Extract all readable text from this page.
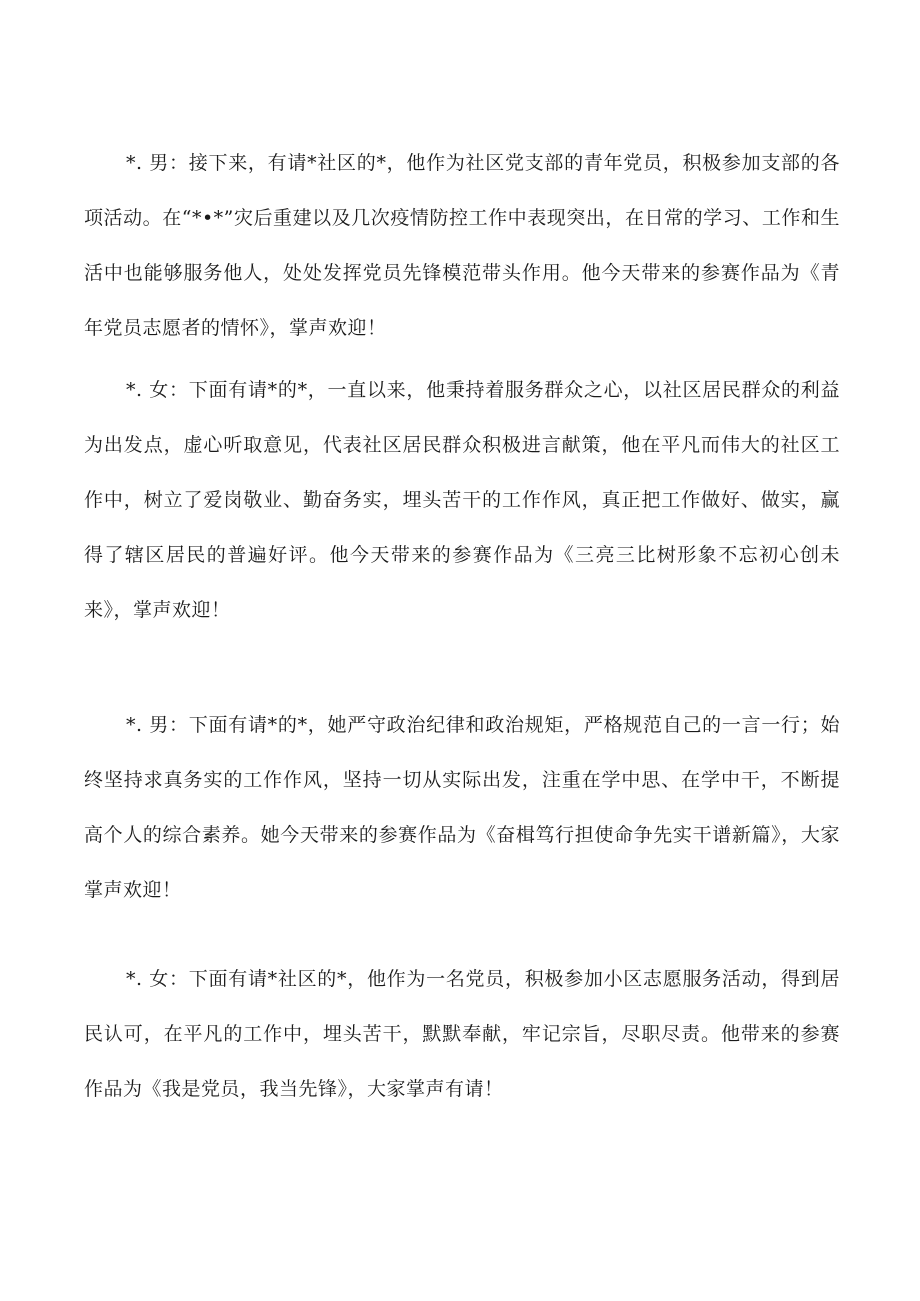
*. 男：接下来，有请*社区的*，他作为社区党支部的青年党员，积极参加支部的各项活动。在“*•*”灾后重建以及几次疫情防控工作中表现突出，在日常的学习、工作和生活中也能够服务他人，处处发挥党员先锋模范带头作用。他今天带来的参赛作品为《青年党员志愿者的情怀》，掌声欢迎！

*. 女：下面有请*的*，一直以来，他秉持着服务群众之心，以社区居民群众的利益为出发点，虚心听取意见，代表社区居民群众积极进言献策，他在平凡而伟大的社区工作中，树立了爱岗敬业、勤奋务实，埋头苦干的工作作风，真正把工作做好、做实，赢得了辖区居民的普遍好评。他今天带来的参赛作品为《三亮三比树形象不忘初心创未来》，掌声欢迎！

*. 男：下面有请*的*，她严守政治纪律和政治规矩，严格规范自己的一言一行；始终坚持求真务实的工作作风，坚持一切从实际出发，注重在学中思、在学中干，不断提高个人的综合素养。她今天带来的参赛作品为《奋楫笃行担使命争先实干谱新篇》，大家掌声欢迎！

*. 女：下面有请*社区的*，他作为一名党员，积极参加小区志愿服务活动，得到居民认可，在平凡的工作中，埋头苦干，默默奉献，牢记宗旨，尽职尽责。他带来的参赛作品为《我是党员，我当先锋》，大家掌声有请！
